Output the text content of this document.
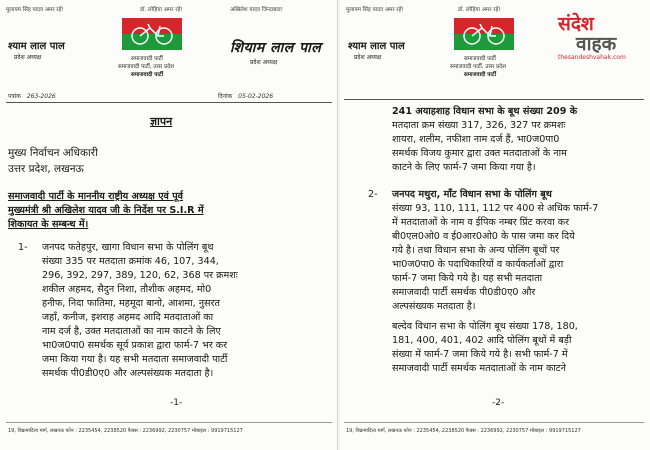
मुलायम सिंह यादव अमर रहें!	डॉ. लोहिया अमर रहें!	अखिलेश यादव जिन्दाबाद!
श्याम लाल पाल
प्रदेश अध्यक्ष	समाजवादी पार्टी
समाजवादी पार्टी, उत्तर प्रदेश
समाजवादी पार्टी
शियाम लाल पाल
प्रदेश अध्यक्ष
पत्रांक 263-2026	दिनांक 05-02-2026
ज्ञापन
मुख्य निर्वाचन अधिकारी
उत्तर प्रदेश, लखनऊ
समाजवादी पार्टी के माननीय राष्ट्रीय अध्यक्ष एवं पूर्व
मुख्यमंत्री श्री अखिलेश यादव जी के निर्देश पर S.I.R में
शिकायत के सम्बन्ध में।
1- जनपद फतेहपुर, खागा विधान सभा के पोलिंग बूथ
संख्या 335 पर मतदाता क्रमांक 46, 107, 344,
296, 392, 297, 389, 120, 62, 368 पर क्रमशः
शकील अहमद, सैदुन निशा, तौशीक अहमद, मो0
हनीफ, निदा फातिमा, महमूदा बानो, आशमा, नुसरत
जहाँ, कनीज, इशराह अहमद आदि मतदाताओं का
नाम दर्ज है, उक्त मतदाताओं का नाम काटने के लिए
भा0ज0पा0 समर्थक सूर्य प्रकाश द्वारा फार्म-7 भर कर
जमा किया गया है। यह सभी मतदाता समाजवादी पार्टी
समर्थक पी0डी0ए0 और अल्पसंख्यक मतदाता है।
-1-
19, विक्रमादित्य मार्ग, लखनऊ फोन : 2235454, 2238520 फैक्स : 2236992, 2230757 मोबाइल : 9919715127
मुलायम सिंह यादव अमर रहें!	डॉ. लोहिया अमर रहें!
श्याम लाल पाल
प्रदेश अध्यक्ष	समाजवादी पार्टी
समाजवादी पार्टी, उत्तर प्रदेश
समाजवादी पार्टी
संदेश
वाहक
thesandeshvahak.com
241 अयाहशाह विधान सभा के बूथ संख्या 209 के
मतदाता क्रम संख्या 317, 326, 327 पर क्रमशः
शायरा, शलीम, नफीशा नाम दर्ज हैं, भा0ज0पा0
समर्थक विजय कुमार द्वारा उक्त मतदाताओं के नाम
काटने के लिए फार्म-7 जमा किया गया है।
2- जनपद मथुरा, माँट विधान सभा के पोलिंग बूथ
संख्या 93, 110, 111, 112 पर 400 से अधिक फार्म-7
में मतदाताओं के नाम व ईपिक नम्बर प्रिंट करवा कर
बी0एल0ओ0 व ई0आर0ओ0 के पास जमा कर दिये
गये है। तथा विधान सभा के अन्य पोलिंग बूथों पर
भा0ज0पा0 के पदाधिकारियों व कार्यकर्ताओं द्वारा
फार्म-7 जमा किये गये है। यह सभी मतदाता
समाजवादी पार्टी समर्थक पी0डी0ए0 और
अल्पसंख्यक मतदाता है।
बल्देव विधान सभा के पोलिंग बूथ संख्या 178, 180,
181, 400, 401, 402 आदि पोलिंग बूथों में बड़ी
संख्या में फार्म-7 जमा किये गये है। सभी फार्म-7 में
समाजवादी पार्टी समर्थक मतदाताओं के नाम काटने
-2-
19, विक्रमादित्य मार्ग, लखनऊ फोन : 2235454, 2238520 फैक्स : 2236992, 2230757 मोबाइल : 9919715127
